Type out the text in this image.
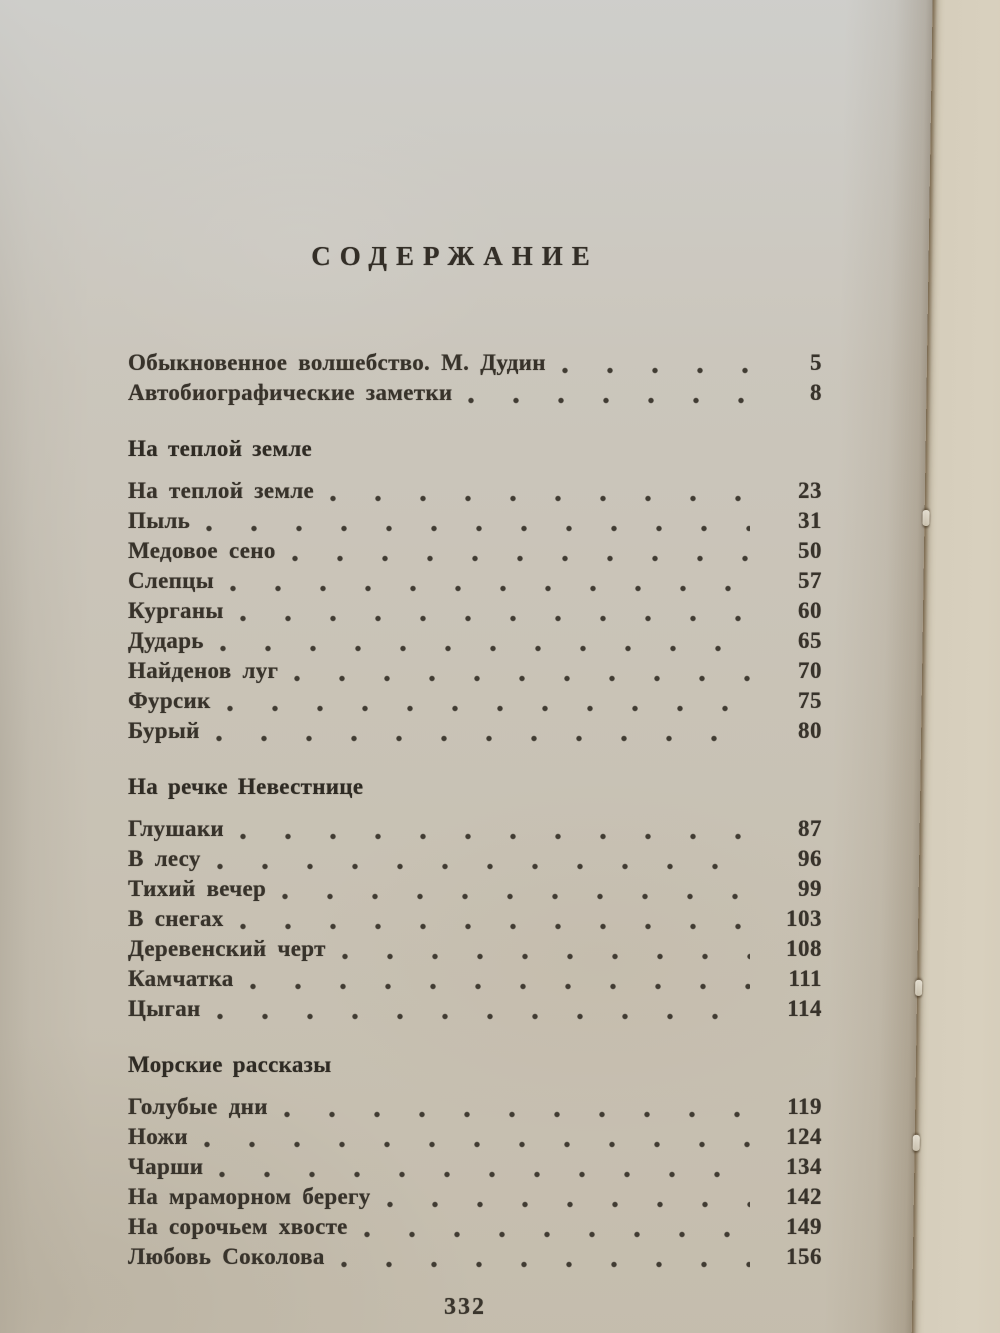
СОДЕРЖАНИЕ
Обыкновенное волшебство. М. Дудин	5
Автобиографические заметки	8
На теплой земле
На теплой земле	23
Пыль	31
Медовое сено	50
Слепцы	57
Курганы	60
Дударь	65
Найденов луг	70
Фурсик	75
Бурый	80
На речке Невестнице
Глушаки	87
В лесу	96
Тихий вечер	99
В снегах	103
Деревенский черт	108
Камчатка	111
Цыган	114
Морские рассказы
Голубые дни	119
Ножи	124
Чарши	134
На мраморном берегу	142
На сорочьем хвосте	149
Любовь Соколова	156
332
